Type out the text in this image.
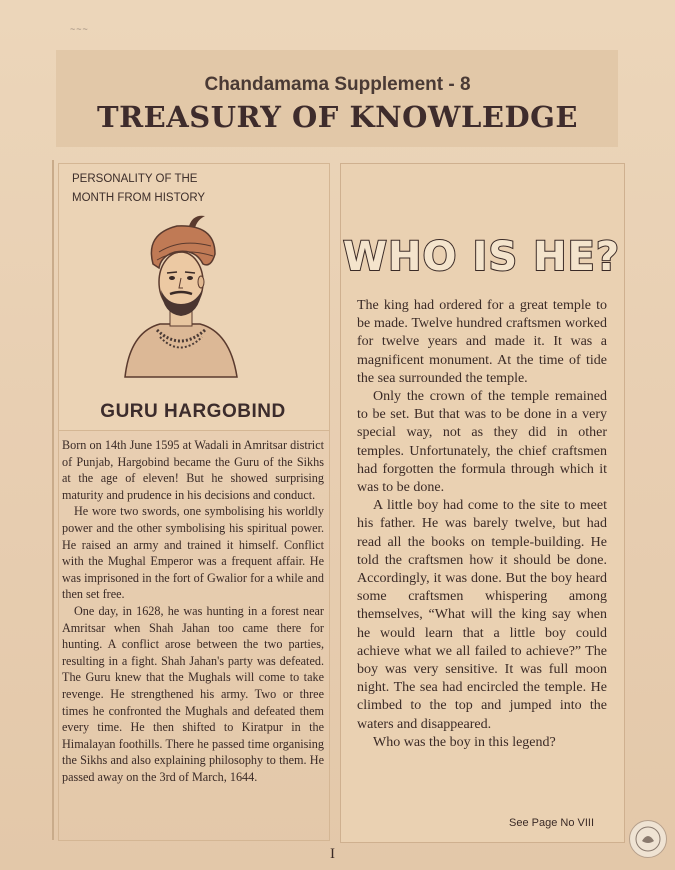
~~~
Chandamama Supplement - 8
TREASURY OF KNOWLEDGE
PERSONALITY OF THE MONTH FROM HISTORY
GURU HARGOBIND

Born on 14th June 1595 at Wadali in Amritsar district of Punjab, Hargobind became the Guru of the Sikhs at the age of eleven! But he showed surprising maturity and prudence in his decisions and conduct.

He wore two swords, one symbolising his worldly power and the other symbolising his spiritual power. He raised an army and trained it himself. Conflict with the Mughal Emperor was a frequent affair. He was imprisoned in the fort of Gwalior for a while and then set free.

One day, in 1628, he was hunting in a forest near Amritsar when Shah Jahan too came there for hunting. A conflict arose between the two parties, resulting in a fight. Shah Jahan's party was defeated. The Guru knew that the Mughals will come to take revenge. He strengthened his army. Two or three times he confronted the Mughals and defeated them every time. He then shifted to Kiratpur in the Himalayan foothills. There he passed time organising the Sikhs and also explaining philosophy to them. He passed away on the 3rd of March, 1644.

WHO IS HE?

The king had ordered for a great temple to be made. Twelve hundred craftsmen worked for twelve years and made it. It was a magnificent monument. At the time of tide the sea surrounded the temple.

Only the crown of the temple remained to be set. But that was to be done in a very special way, not as they did in other temples. Unfortunately, the chief craftsmen had forgotten the formula through which it was to be done.

A little boy had come to the site to meet his father. He was barely twelve, but had read all the books on temple-building. He told the craftsmen how it should be done. Accordingly, it was done. But the boy heard some craftsmen whispering among themselves, “What will the king say when he would learn that a little boy could achieve what we all failed to achieve?” The boy was very sensitive. It was full moon night. The sea had encircled the temple. He climbed to the top and jumped into the waters and disappeared.

Who was the boy in this legend?

See Page No VIII
I
